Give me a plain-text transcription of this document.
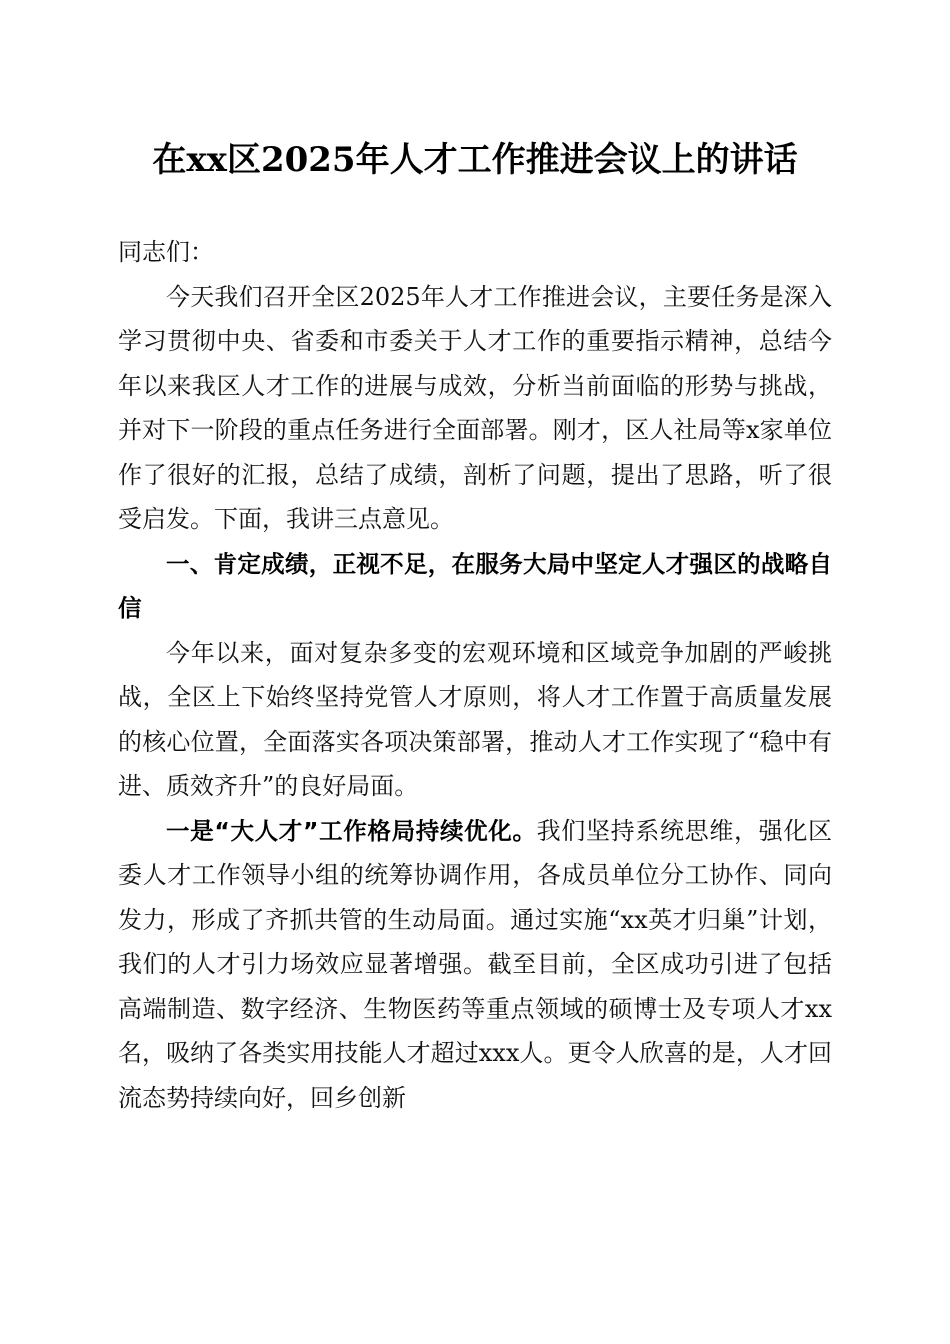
在xx区2025年人才工作推进会议上的讲话

同志们：

今天我们召开全区2025年人才工作推进会议，主要任务是深入学习贯彻中央、省委和市委关于人才工作的重要指示精神，总结今年以来我区人才工作的进展与成效，分析当前面临的形势与挑战，并对下一阶段的重点任务进行全面部署。刚才，区人社局等x家单位作了很好的汇报，总结了成绩，剖析了问题，提出了思路，听了很受启发。下面，我讲三点意见。

一、肯定成绩，正视不足，在服务大局中坚定人才强区的战略自信

今年以来，面对复杂多变的宏观环境和区域竞争加剧的严峻挑战，全区上下始终坚持党管人才原则，将人才工作置于高质量发展的核心位置，全面落实各项决策部署，推动人才工作实现了“稳中有进、质效齐升”的良好局面。

一是“大人才”工作格局持续优化。我们坚持系统思维，强化区委人才工作领导小组的统筹协调作用，各成员单位分工协作、同向发力，形成了齐抓共管的生动局面。通过实施“xx英才归巢”计划，我们的人才引力场效应显著增强。截至目前，全区成功引进了包括高端制造、数字经济、生物医药等重点领域的硕博士及专项人才xx名，吸纳了各类实用技能人才超过xxx人。更令人欣喜的是，人才回流态势持续向好，回乡创新
